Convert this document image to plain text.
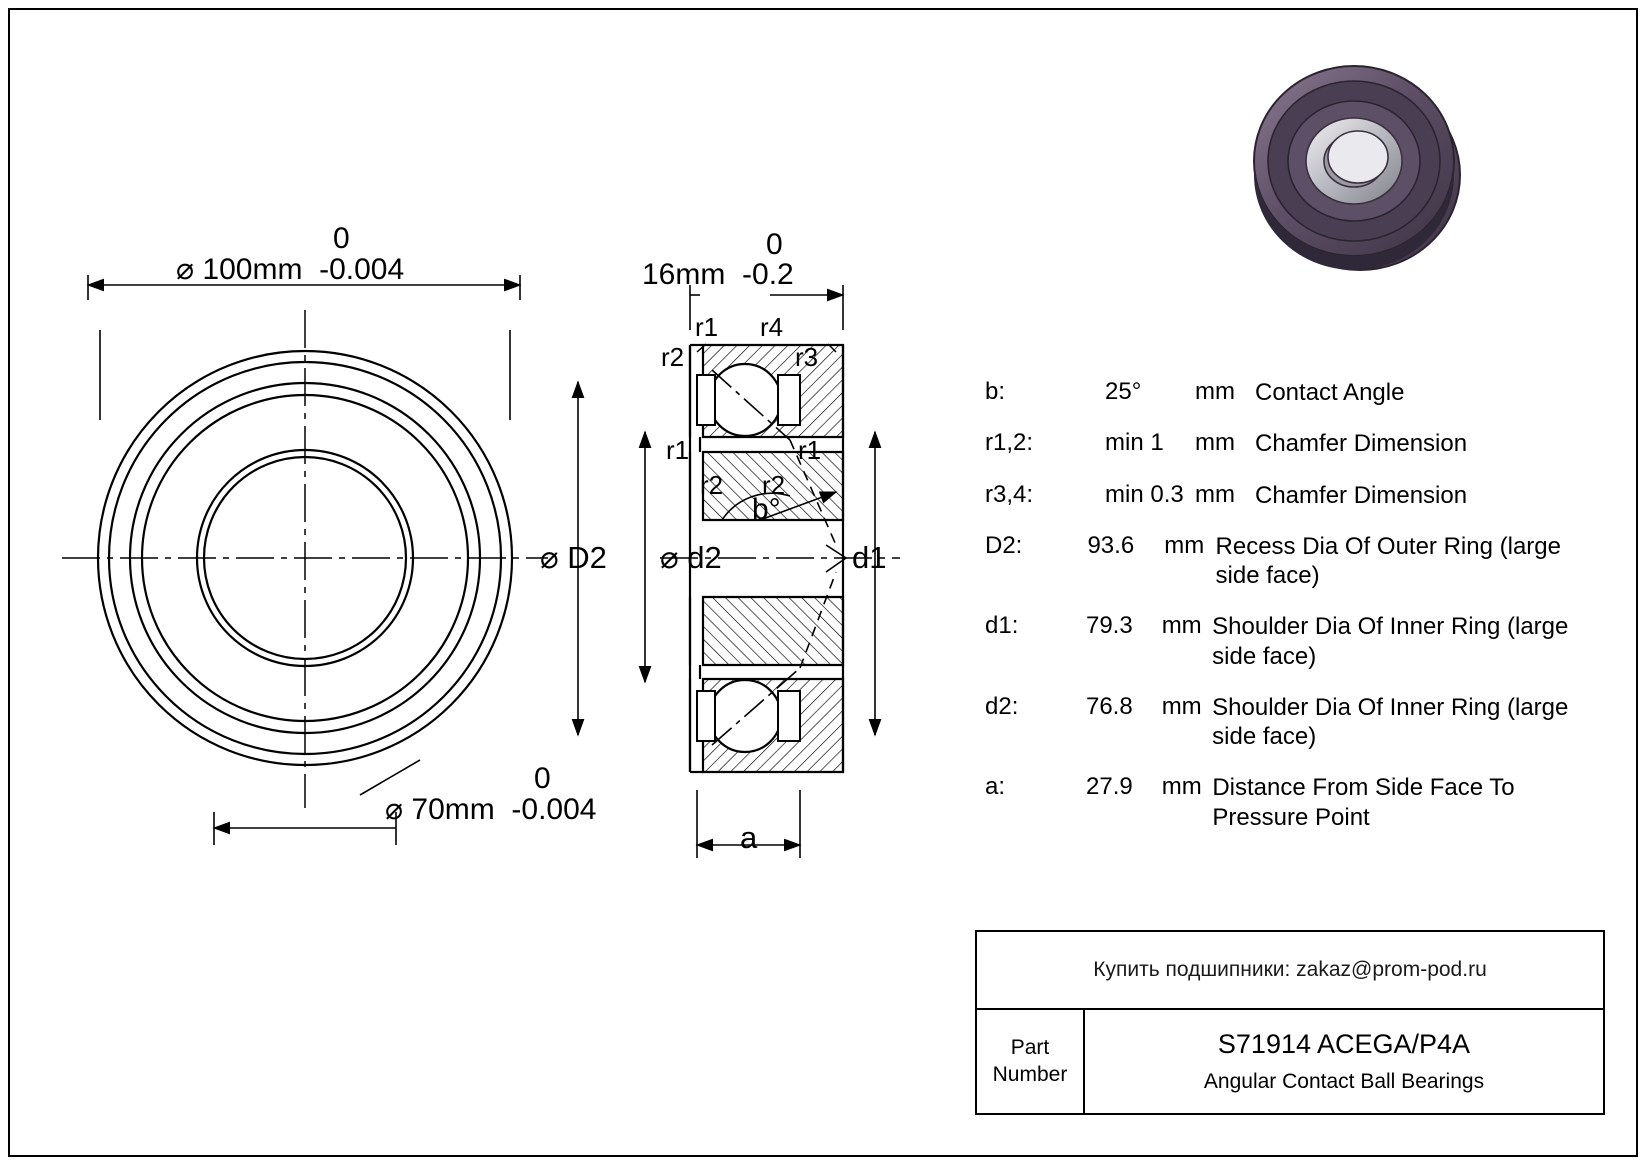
0
⌀ 100mm  -0.004
0
⌀ 70mm  -0.004
0
16mm  -0.2
r1
r2
r4
r3
r1	r1
r2 r2
b°
⌀ D2 ⌀ d2	d1
a
b:	25°	mm Contact Angle
r1,2:	min 1	mm Chamfer Dimension
r3,4:	min 0.3 mm Chamfer Dimension
D2:	93.6	mm Recess Dia Of Outer Ring (large side face)
d1:	79.3	mm Shoulder Dia Of Inner Ring (large side face)
d2:	76.8	mm Shoulder Dia Of Inner Ring (large side face)
a:	27.9	mm Distance From Side Face To Pressure Point
Купить подшипники: zakaz@prom-pod.ru
Part
Number
S71914 ACEGA/P4A
Angular Contact Ball Bearings
